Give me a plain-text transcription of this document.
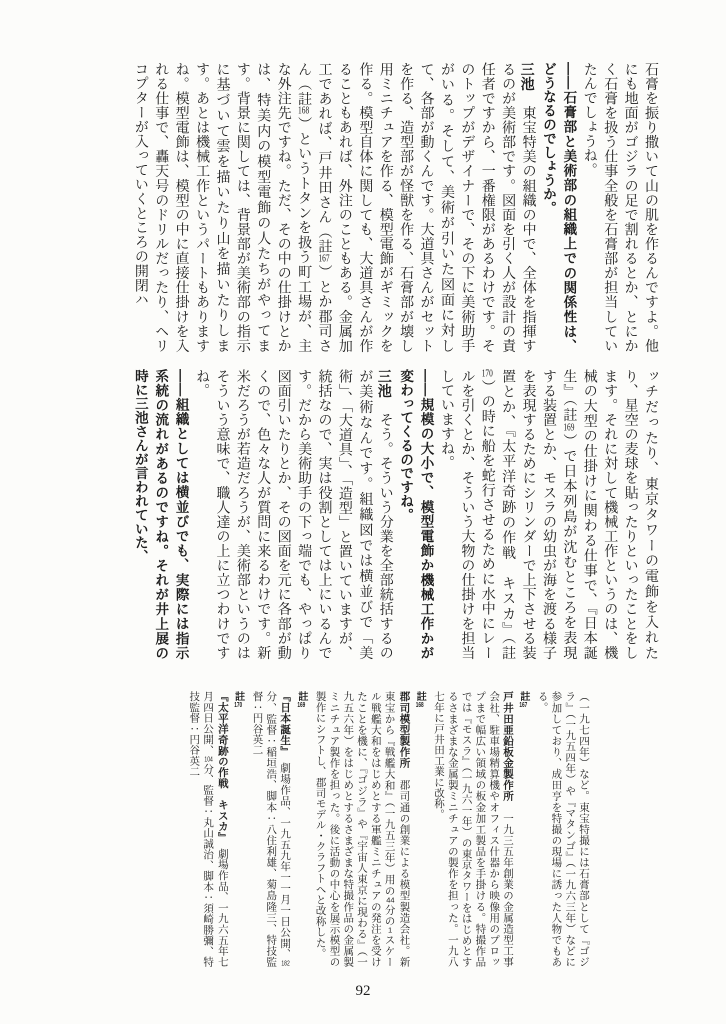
石膏を振り撒いて山の肌を作るんですよ。他にも地面がゴジラの足で割れるとか、とにかく石膏を扱う仕事全般を石膏部が担当していたんでしょうね。
――石膏部と美術部の組織上での関係性は、どうなるのでしょうか。
三池　東宝特美の組織の中で、全体を指揮するのが美術部です。図面を引く人が設計の責任者ですから、一番権限があるわけです。そのトップがデザイナーで、その下に美術助手がいる。そして、美術が引いた図面に対して、各部が動くんです。大道具さんがセットを作る、造型部が怪獣を作る、石膏部が壊し用ミニチュアを作る、模型電飾がギミックを作る。模型自体に関しても、大道具さんが作ることもあれば、外注のこともある。金属加工であれば、戸井田さん（註167）とか郡司さん（註168）というトタンを扱う町工場が、主な外注先ですね。ただ、その中の仕掛けとかは、特美内の模型電飾の人たちがやってます。背景に関しては、背景部が美術部の指示に基づいて雲を描いたり山を描いたりします。あとは機械工作というパートもありますね。模型電飾は、模型の中に直接仕掛けを入れる仕事で、轟天号のドリルだったり、ヘリコプターが入っていくところの開閉ハ
ッチだったり、東京タワーの電飾を入れたり、星空の麦球を貼ったりといったことをします。それに対して機械工作というのは、機械の大型の仕掛けに関わる仕事で、『日本誕生』（註169）で日本列島が沈むところを表現する装置とか、モスラの幼虫が海を渡る様子を表現するためにシリンダーで上下させる装置とか、『太平洋奇跡の作戦　キスカ』（註170）の時に船を蛇行させるために水中にレールを引くとか、そういう大物の仕掛けを担当していますね。
――規模の大小で、模型電飾か機械工作かが変わってくるのですね。
三池　そう。そういう分業を全部統括するのが美術なんです。組織図では横並びで「美術」、「大道具」、「造型」と置いていますが、統括なので、実は役割としては上にいるんです。だから美術助手の下っ端でも、やっぱり図面引いたりとか、その図面を元に各部が動くので、色々な人が質問に来るわけです。新米だろうが若造だろうが、美術部というのはそういう意味で、職人達の上に立つわけですね。
――組織としては横並びでも、実際には指示系統の流れがあるのですね。それが井上展の時に三池さんが言われていた、
（一九七四年）など。東宝特撮には石膏部として『ゴジラ』（一九五四年）や『マタンゴ』（一九六三年）などに参加しており、成田亨を特撮の現場に誘った人物でもある。
註167
戸井田亜鉛板金製作所　一九三五年創業の金属造型工事会社、駐車場精算機やオフィス什器から映像用のプロップまで幅広い領域の板金加工製品を手掛ける。特撮作品では『モスラ』（一九六一年）の東京タワーをはじめとするさまざまな金属製ミニチュアの製作を担った。一九八七年に戸井田工業に改称。
註168
郡司模型製作所　郡司通の創業による模型製造会社。新東宝から『戦艦大和』（一九五三年）用の44分の1スケール戦艦大和をはじめとする軍艦ミニチュアの発注を受けたことを機に、『ゴジラ』や『宇宙人東京に現わる』（一九五六年）をはじめとするさまざまな特撮作品の金属製ミニチュア製作を担った。後に活動の中心を展示模型の製作にシフトし、郡司モデル・クラフトへと改称した。
註169
『日本誕生』　劇場作品、一九五九年一一月一日公開、182分、監督：稲垣浩、脚本：八住利雄、菊島隆三、特技監督：円谷英二
註170
『太平洋奇跡の作戦　キスカ』　劇場作品、一九六五年七月四日公開、104分、監督：丸山誠治、脚本：須崎勝彌、特技監督：円谷英二
92
